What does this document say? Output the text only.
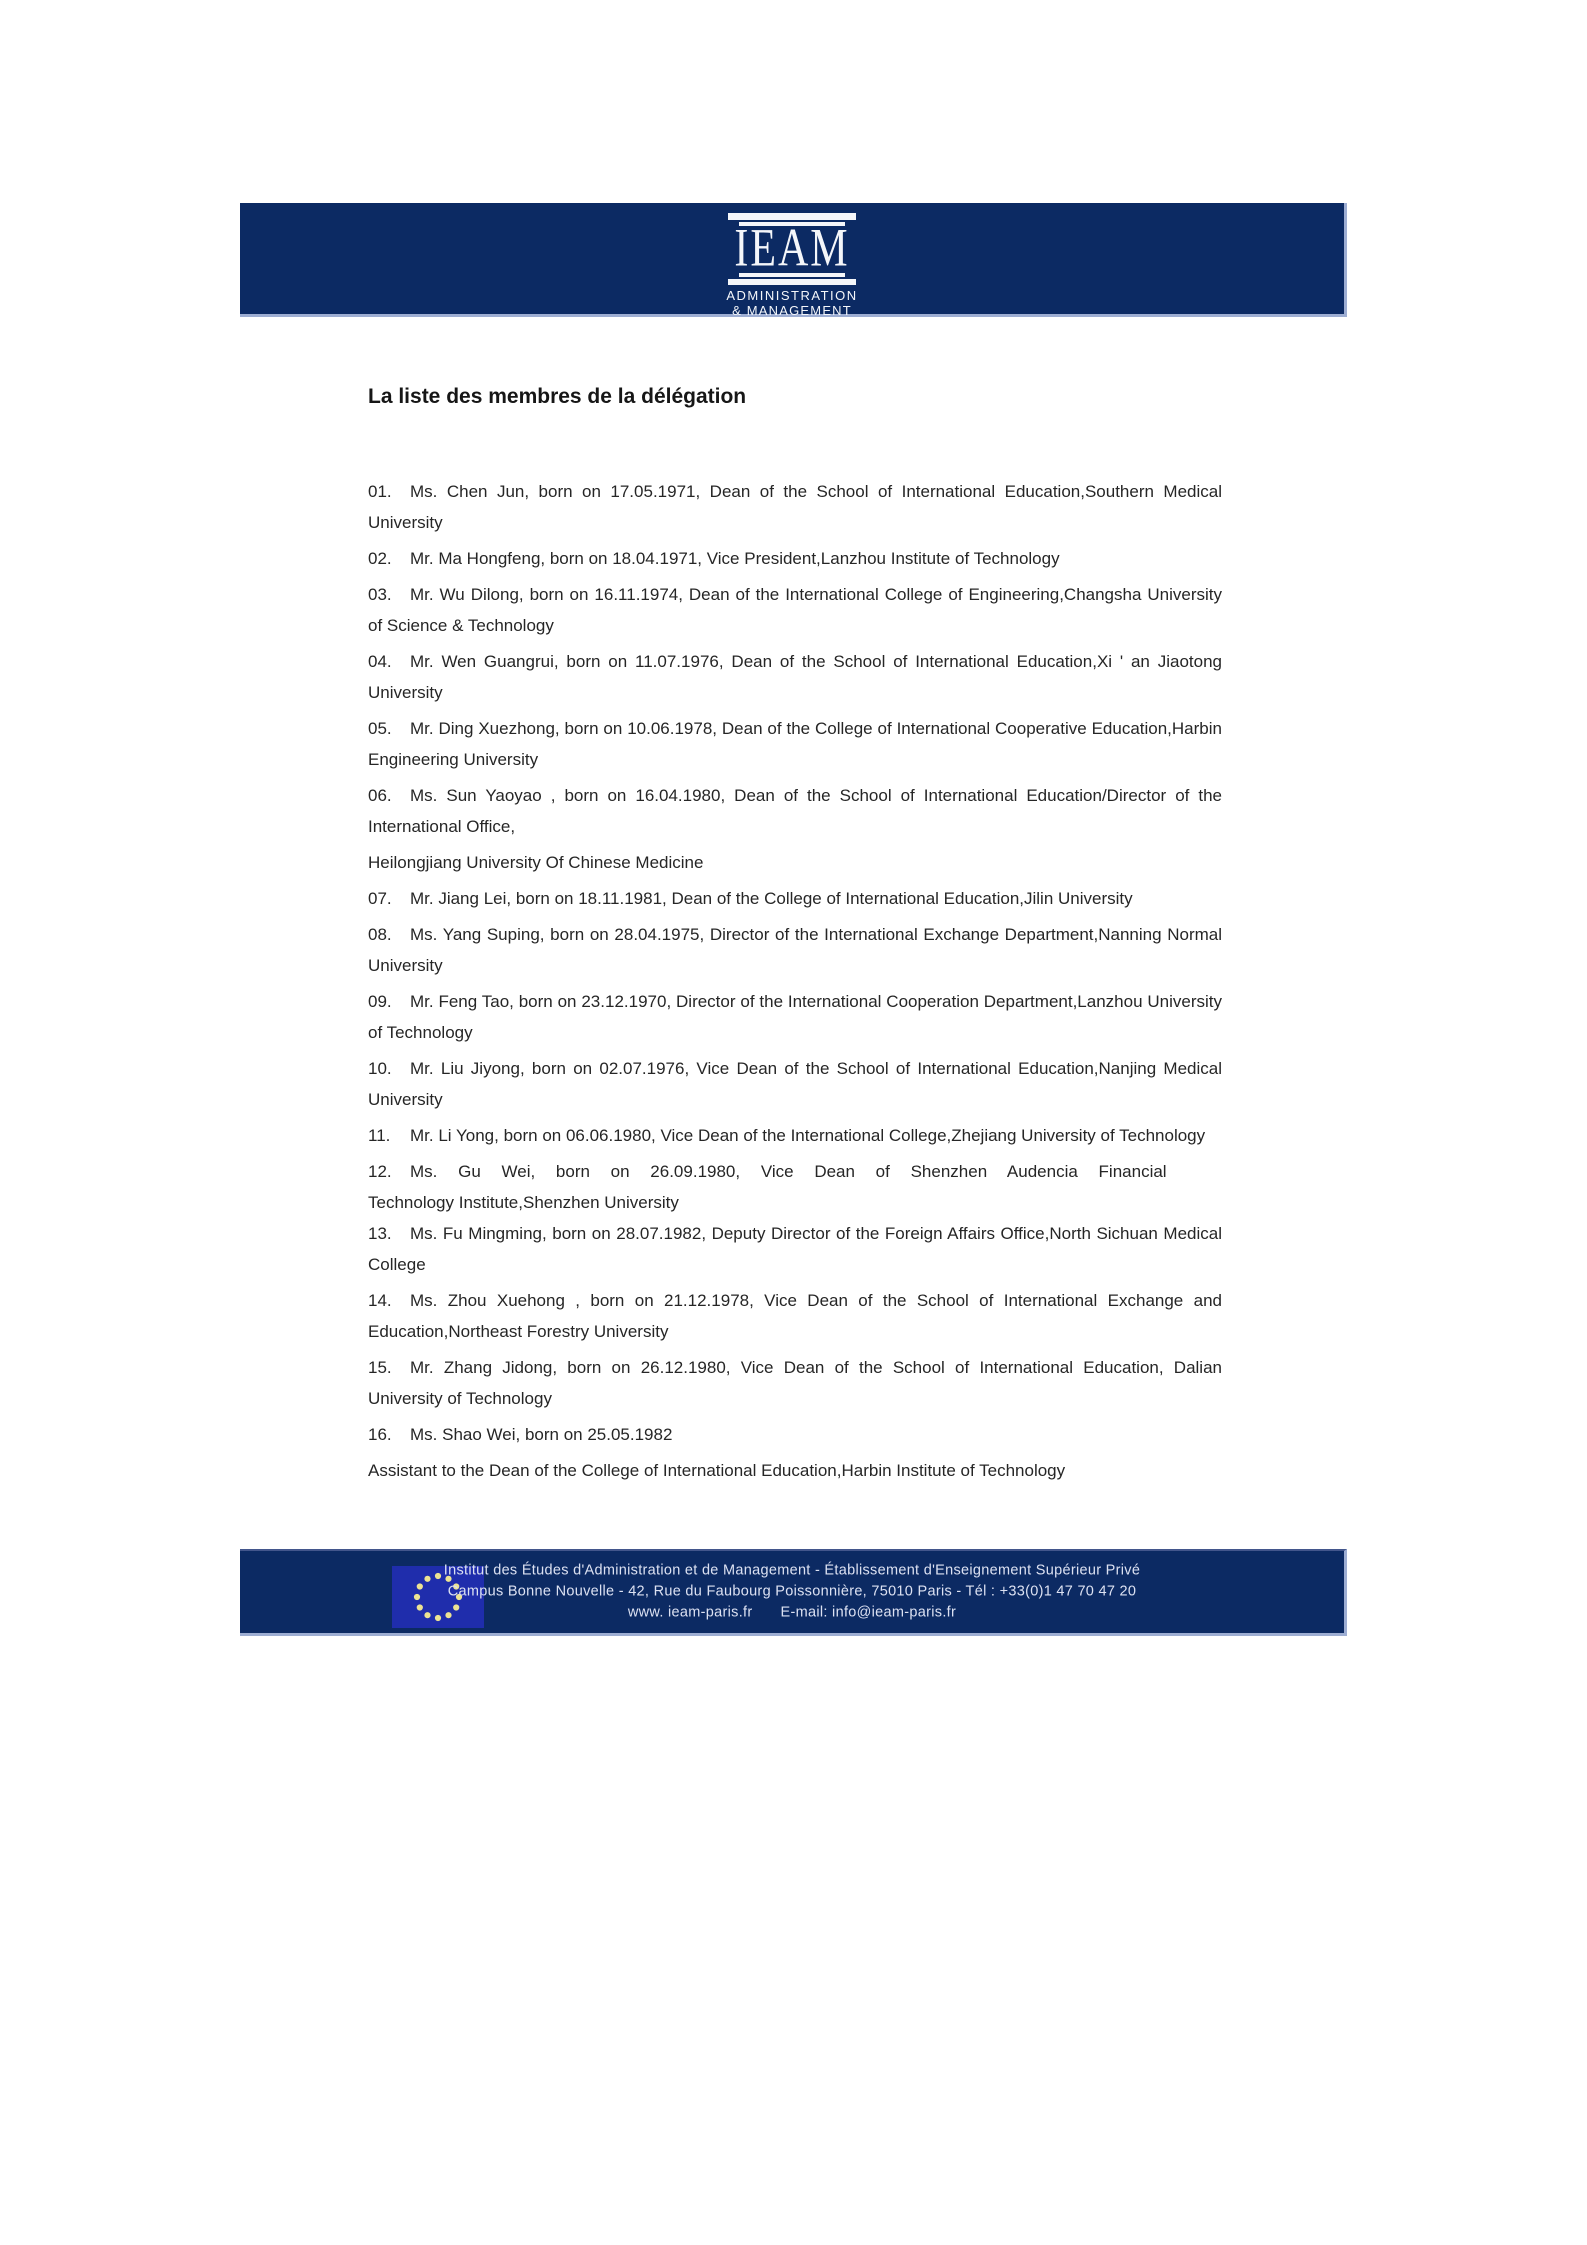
IEAM
ADMINISTRATION
& MANAGEMENT
La liste des membres de la délégation

01. Ms. Chen Jun, born on 17.05.1971, Dean of the School of International Education,Southern Medical University

02. Mr. Ma Hongfeng, born on 18.04.1971, Vice President,Lanzhou Institute of Technology

03. Mr. Wu Dilong, born on 16.11.1974, Dean of the International College of Engineering,Changsha University of Science & Technology

04. Mr. Wen Guangrui, born on 11.07.1976, Dean of the School of International Education,Xi ' an Jiaotong University

05. Mr. Ding Xuezhong, born on 10.06.1978, Dean of the College of International Cooperative Education,Harbin Engineering University

06. Ms. Sun Yaoyao , born on 16.04.1980, Dean of the School of International Education/Director of the International Office,

Heilongjiang University Of Chinese Medicine

07. Mr. Jiang Lei, born on 18.11.1981, Dean of the College of International Education,Jilin University

08. Ms. Yang Suping, born on 28.04.1975, Director of the International Exchange Department,Nanning Normal University

09. Mr. Feng Tao, born on 23.12.1970, Director of the International Cooperation Department,Lanzhou University of Technology

10. Mr. Liu Jiyong, born on 02.07.1976, Vice Dean of the School of International Education,Nanjing Medical University

11. Mr. Li Yong, born on 06.06.1980, Vice Dean of the International College,Zhejiang University of Technology

12. Ms. Gu Wei, born on 26.09.1980, Vice Dean of Shenzhen Audencia Financial

Technology Institute,Shenzhen University

13. Ms. Fu Mingming, born on 28.07.1982, Deputy Director of the Foreign Affairs Office,North Sichuan Medical College

14. Ms. Zhou Xuehong , born on 21.12.1978, Vice Dean of the School of International Exchange and Education,Northeast Forestry University

15. Mr. Zhang Jidong, born on 26.12.1980, Vice Dean of the School of International Education, Dalian University of Technology

16. Ms. Shao Wei, born on 25.05.1982

Assistant to the Dean of the College of International Education,Harbin Institute of Technology

Institut des Études d'Administration et de Management - Établissement d'Enseignement Supérieur Privé
Campus Bonne Nouvelle - 42, Rue du Faubourg Poissonnière, 75010 Paris - Tél : +33(0)1 47 70 47 20
www. ieam-paris.fr E-mail: info@ieam-paris.fr
